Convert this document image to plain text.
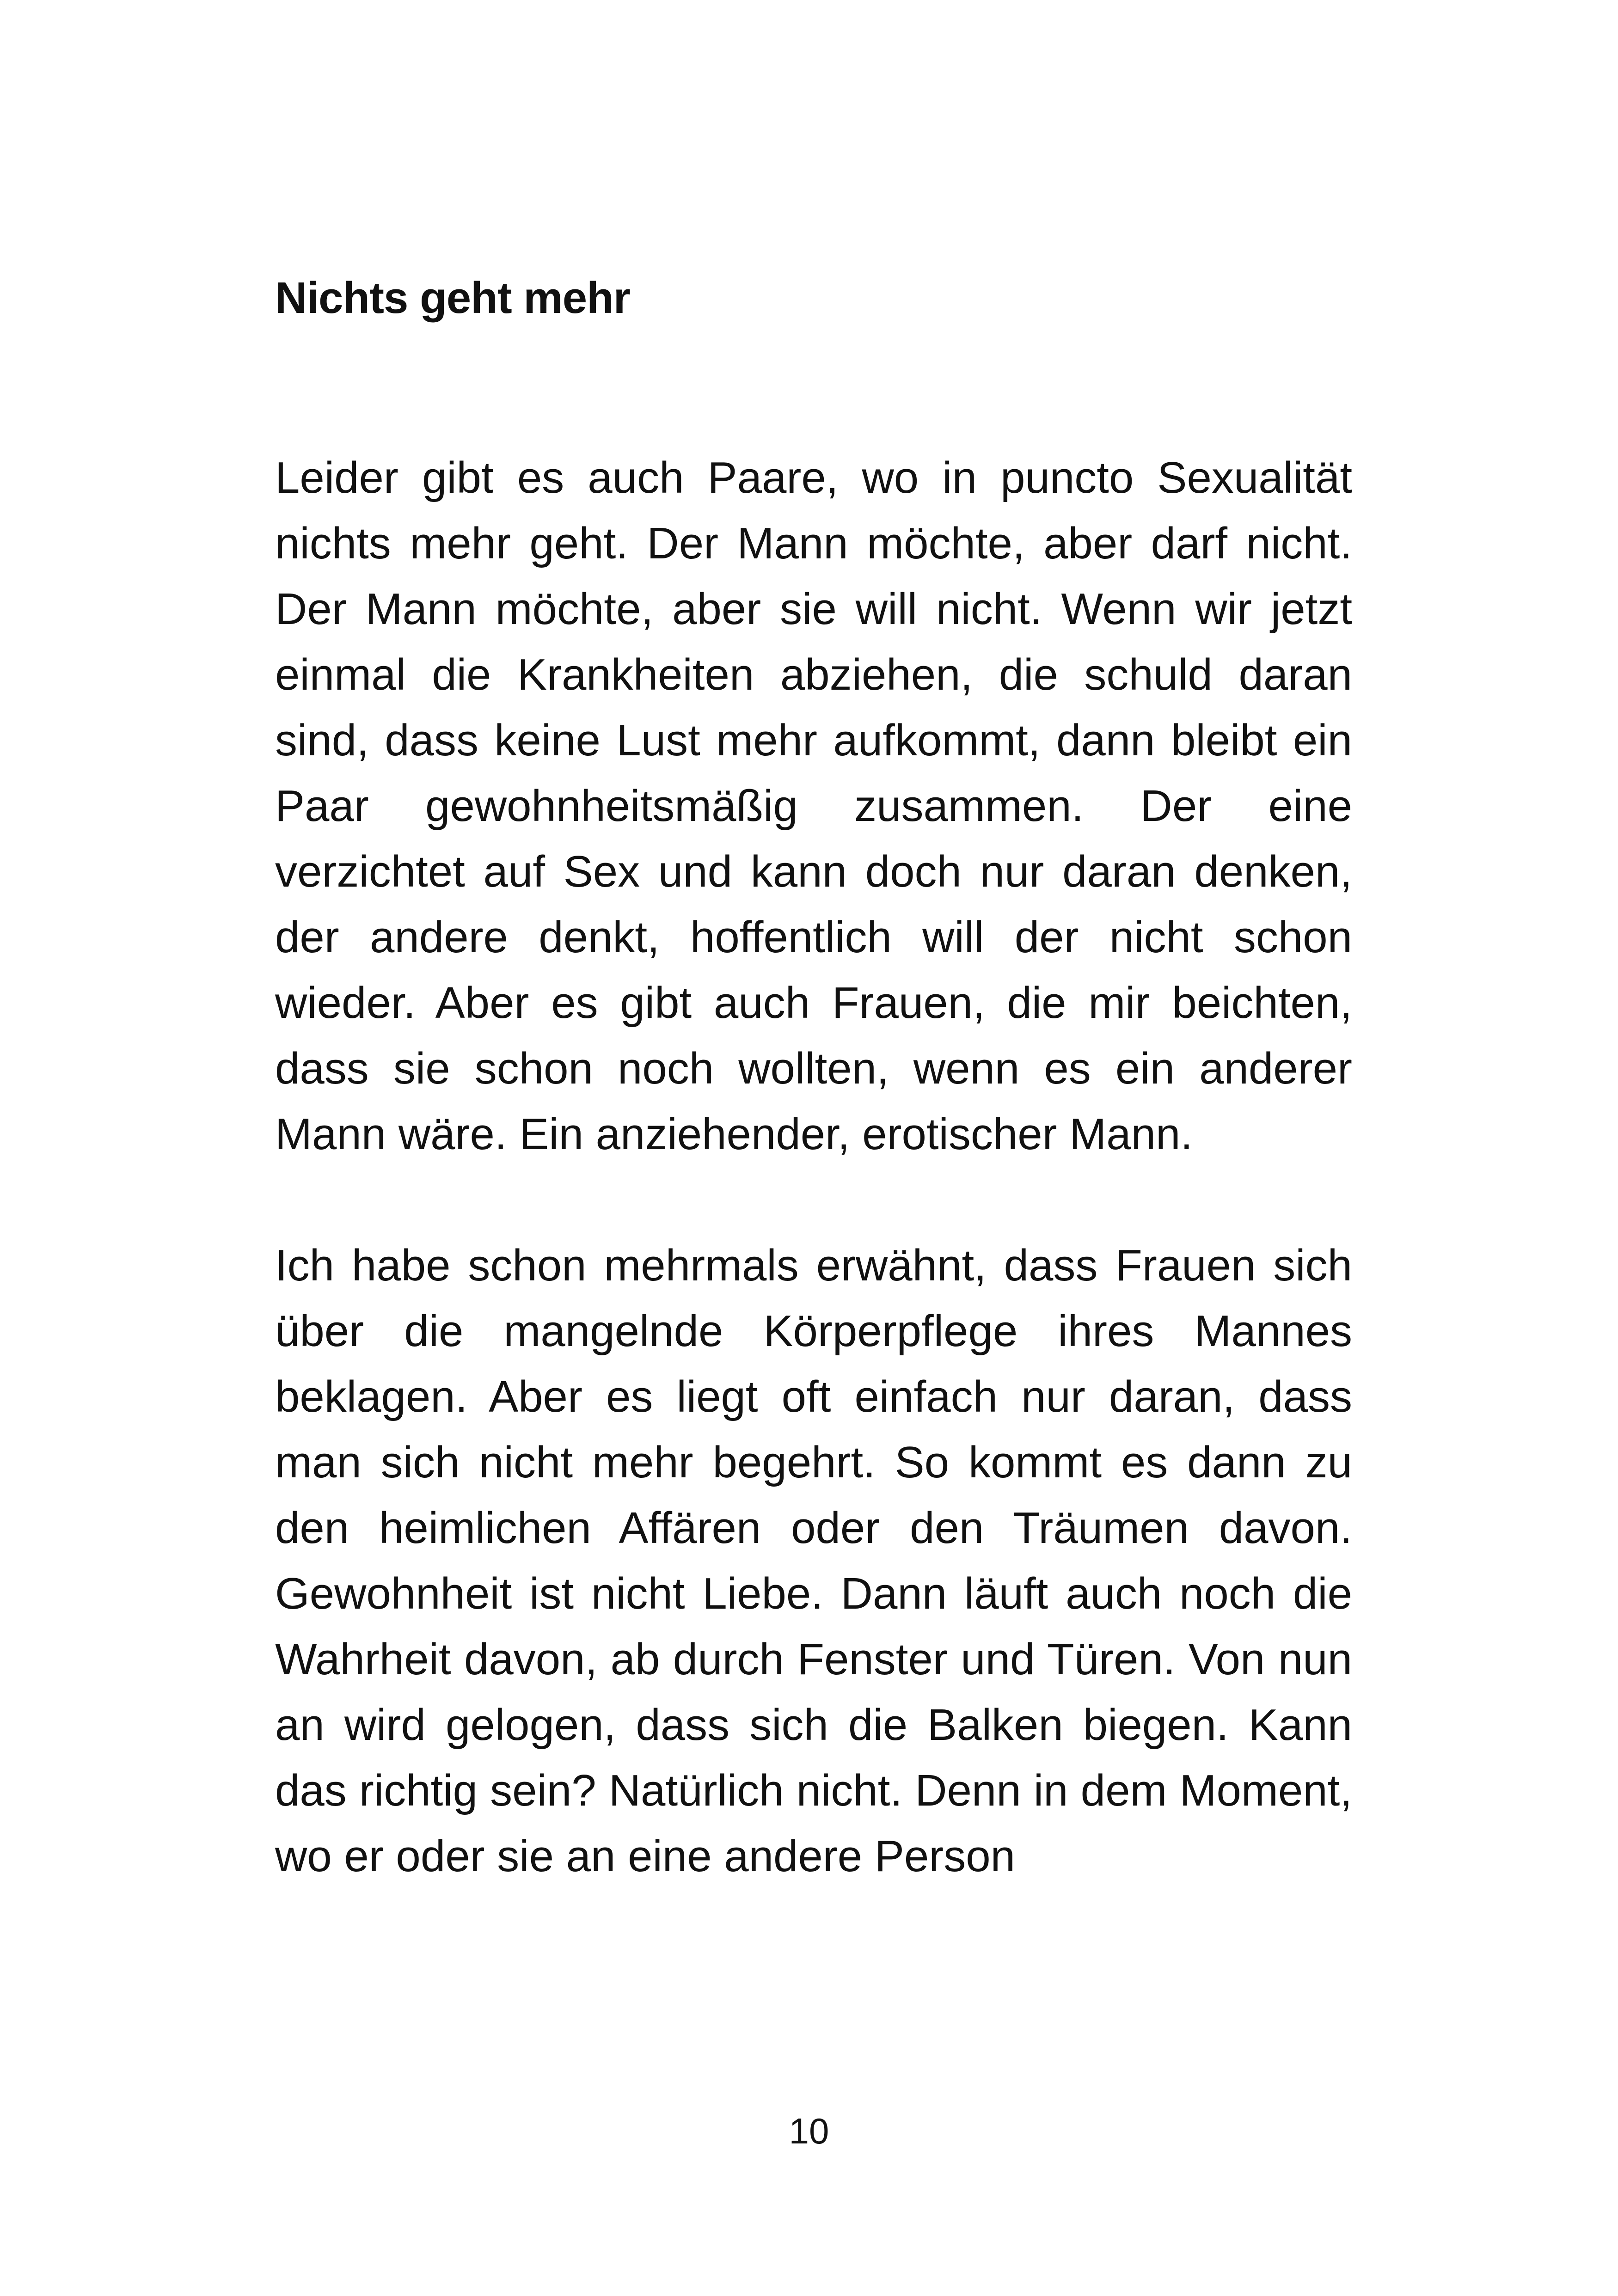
Nichts geht mehr

Leider gibt es auch Paare, wo in puncto Sexualität nichts mehr geht. Der Mann möchte, aber darf nicht. Der Mann möchte, aber sie will nicht. Wenn wir jetzt einmal die Krankheiten abziehen, die schuld daran sind, dass keine Lust mehr aufkommt, dann bleibt ein Paar gewohnheitsmäßig zusammen. Der eine verzichtet auf Sex und kann doch nur daran denken, der andere denkt, hoffentlich will der nicht schon wieder. Aber es gibt auch Frauen, die mir beichten, dass sie schon noch wollten, wenn es ein anderer Mann wäre. Ein anziehender, erotischer Mann.

Ich habe schon mehrmals erwähnt, dass Frauen sich über die mangelnde Körperpflege ihres Mannes beklagen. Aber es liegt oft einfach nur daran, dass man sich nicht mehr begehrt. So kommt es dann zu den heimlichen Affären oder den Träumen davon. Gewohnheit ist nicht Liebe. Dann läuft auch noch die Wahrheit davon, ab durch Fenster und Türen. Von nun an wird gelogen, dass sich die Balken biegen. Kann das richtig sein? Natürlich nicht. Denn in dem Moment, wo er oder sie an eine andere Person

10
